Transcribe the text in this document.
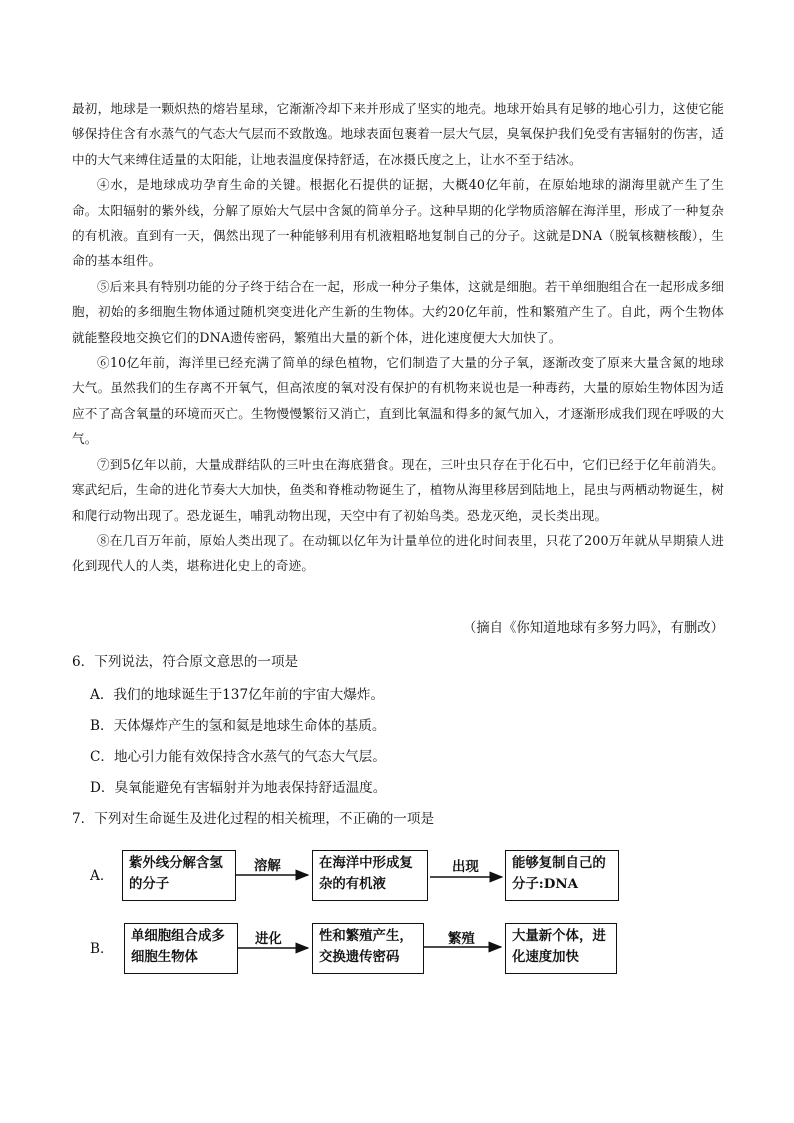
最初，地球是一颗炽热的熔岩星球，它渐渐冷却下来并形成了坚实的地壳。地球开始具有足够的地心引力，这使它能够保持住含有水蒸气的气态大气层而不致散逸。地球表面包裹着一层大气层，臭氧保护我们免受有害辐射的伤害，适中的大气来缚住适量的太阳能，让地表温度保持舒适，在冰摄氏度之上，让水不至于结冰。

④水，是地球成功孕育生命的关键。根据化石提供的证据，大概40亿年前，在原始地球的湖海里就产生了生命。太阳辐射的紫外线，分解了原始大气层中含氮的简单分子。这种早期的化学物质溶解在海洋里，形成了一种复杂的有机液。直到有一天，偶然出现了一种能够利用有机液粗略地复制自己的分子。这就是DNA（脱氧核糖核酸），生命的基本组件。

⑤后来具有特别功能的分子终于结合在一起，形成一种分子集体，这就是细胞。若干单细胞组合在一起形成多细胞，初始的多细胞生物体通过随机突变进化产生新的生物体。大约20亿年前，性和繁殖产生了。自此，两个生物体就能整段地交换它们的DNA遗传密码，繁殖出大量的新个体，进化速度便大大加快了。

⑥10亿年前，海洋里已经充满了简单的绿色植物，它们制造了大量的分子氧，逐渐改变了原来大量含氮的地球大气。虽然我们的生存离不开氧气，但高浓度的氧对没有保护的有机物来说也是一种毒药，大量的原始生物体因为适应不了高含氧量的环境而灭亡。生物慢慢繁衍又消亡，直到比氧温和得多的氮气加入，才逐渐形成我们现在呼吸的大气。

⑦到5亿年以前，大量成群结队的三叶虫在海底猎食。现在，三叶虫只存在于化石中，它们已经于亿年前消失。寒武纪后，生命的进化节奏大大加快，鱼类和脊椎动物诞生了，植物从海里移居到陆地上，昆虫与两栖动物诞生，树和爬行动物出现了。恐龙诞生，哺乳动物出现，天空中有了初始鸟类。恐龙灭绝，灵长类出现。

⑧在几百万年前，原始人类出现了。在动辄以亿年为计量单位的进化时间表里，只花了200万年就从早期猿人进化到现代人的人类，堪称进化史上的奇迹。

（摘自《你知道地球有多努力吗》，有删改）
6．下列说法，符合原文意思的一项是
A．我们的地球诞生于137亿年前的宇宙大爆炸。
B．天体爆炸产生的氢和氦是地球生命体的基质。
C．地心引力能有效保持含水蒸气的气态大气层。
D．臭氧能避免有害辐射并为地表保持舒适温度。
7．下列对生命诞生及进化过程的相关梳理，不正确的一项是
A．
紫外线分解含氢的分子
溶解	在海洋中形成复杂的有机液
出现	能够复制自己的分子:DNA
B．
单细胞组合成多细胞生物体
进化	性和繁殖产生，交换遗传密码
繁殖	大量新个体，进化速度加快
